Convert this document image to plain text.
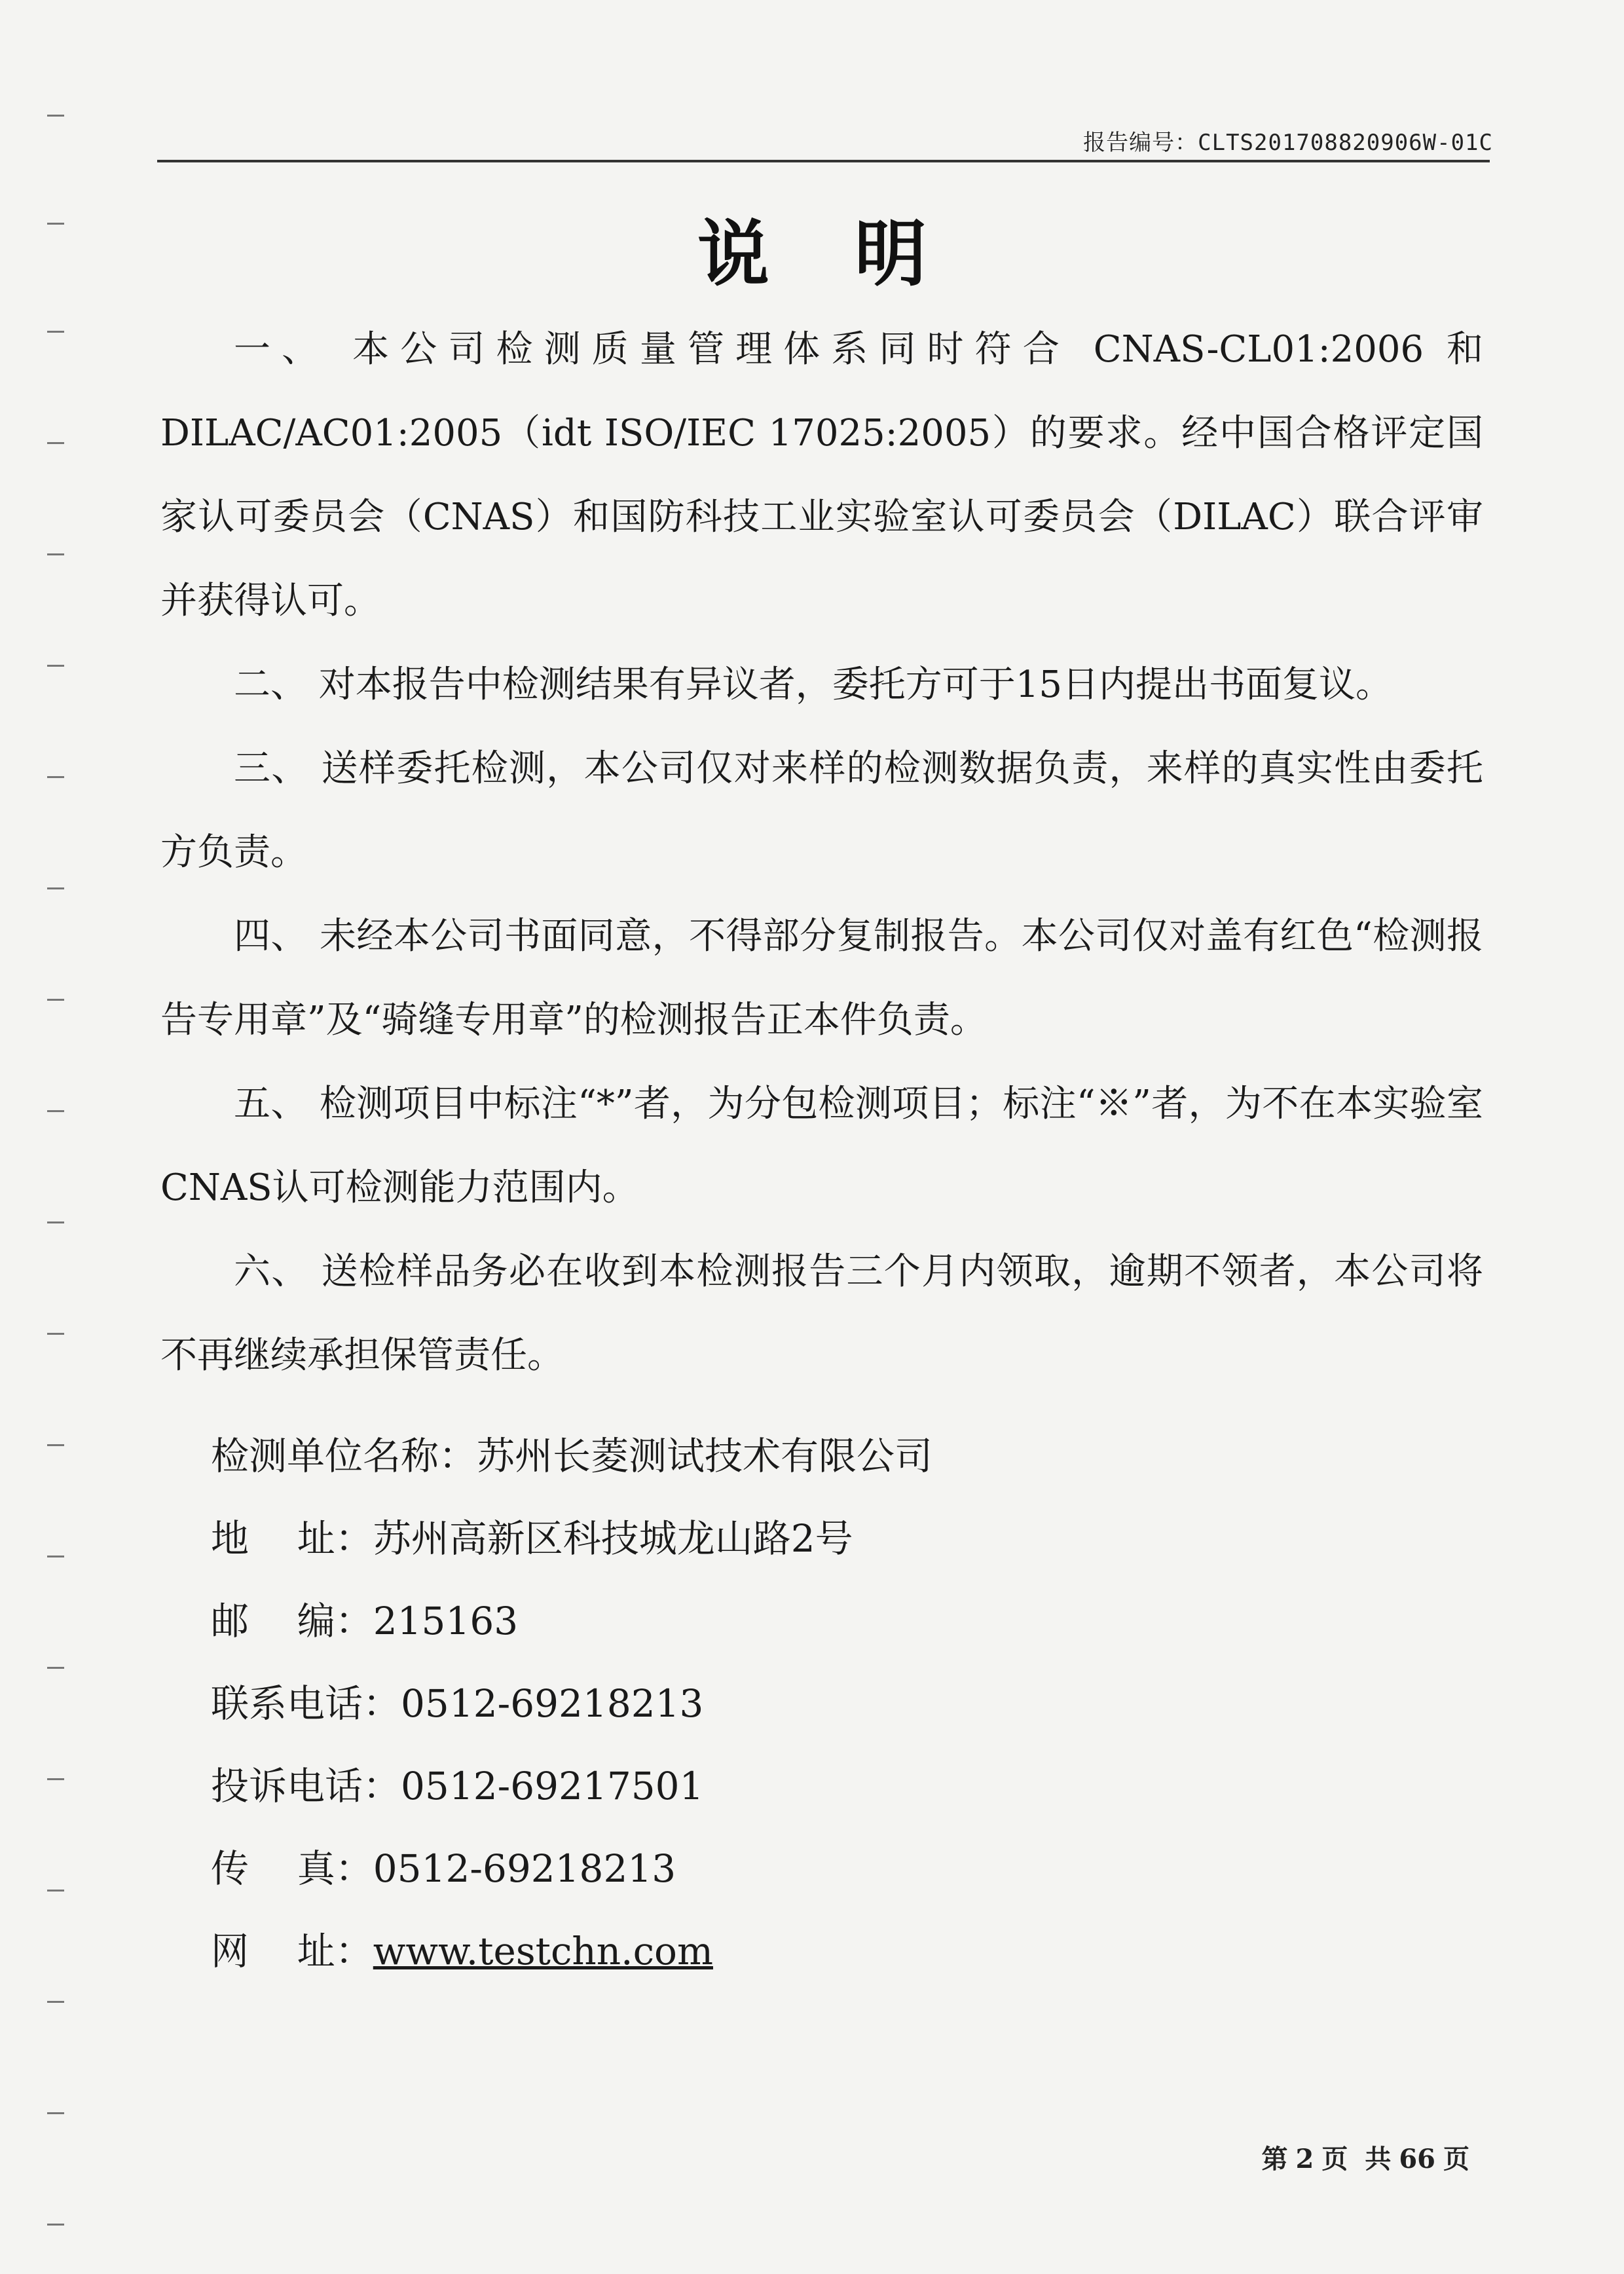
报告编号：CLTS201708820906W-01C
说明

一、 本公司检测质量管理体系同时符合 CNAS-CL01:2006 和 DILAC/AC01:2005（idt ISO/IEC 17025:2005）的要求。经中国合格评定国家认可委员会（CNAS）和国防科技工业实验室认可委员会（DILAC）联合评审并获得认可。

二、 对本报告中检测结果有异议者，委托方可于15日内提出书面复议。

三、 送样委托检测，本公司仅对来样的检测数据负责，来样的真实性由委托方负责。

四、 未经本公司书面同意，不得部分复制报告。本公司仅对盖有红色“检测报告专用章”及“骑缝专用章”的检测报告正本件负责。

五、 检测项目中标注“*”者，为分包检测项目；标注“※”者，为不在本实验室CNAS认可检测能力范围内。

六、 送检样品务必在收到本检测报告三个月内领取，逾期不领者，本公司将不再继续承担保管责任。

检测单位名称：苏州长菱测试技术有限公司
地    址：苏州高新区科技城龙山路2号
邮    编：215163
联系电话：0512-69218213
投诉电话：0512-69217501
传    真：0512-69218213
网    址：www.testchn.com
第 2 页 共 66 页
